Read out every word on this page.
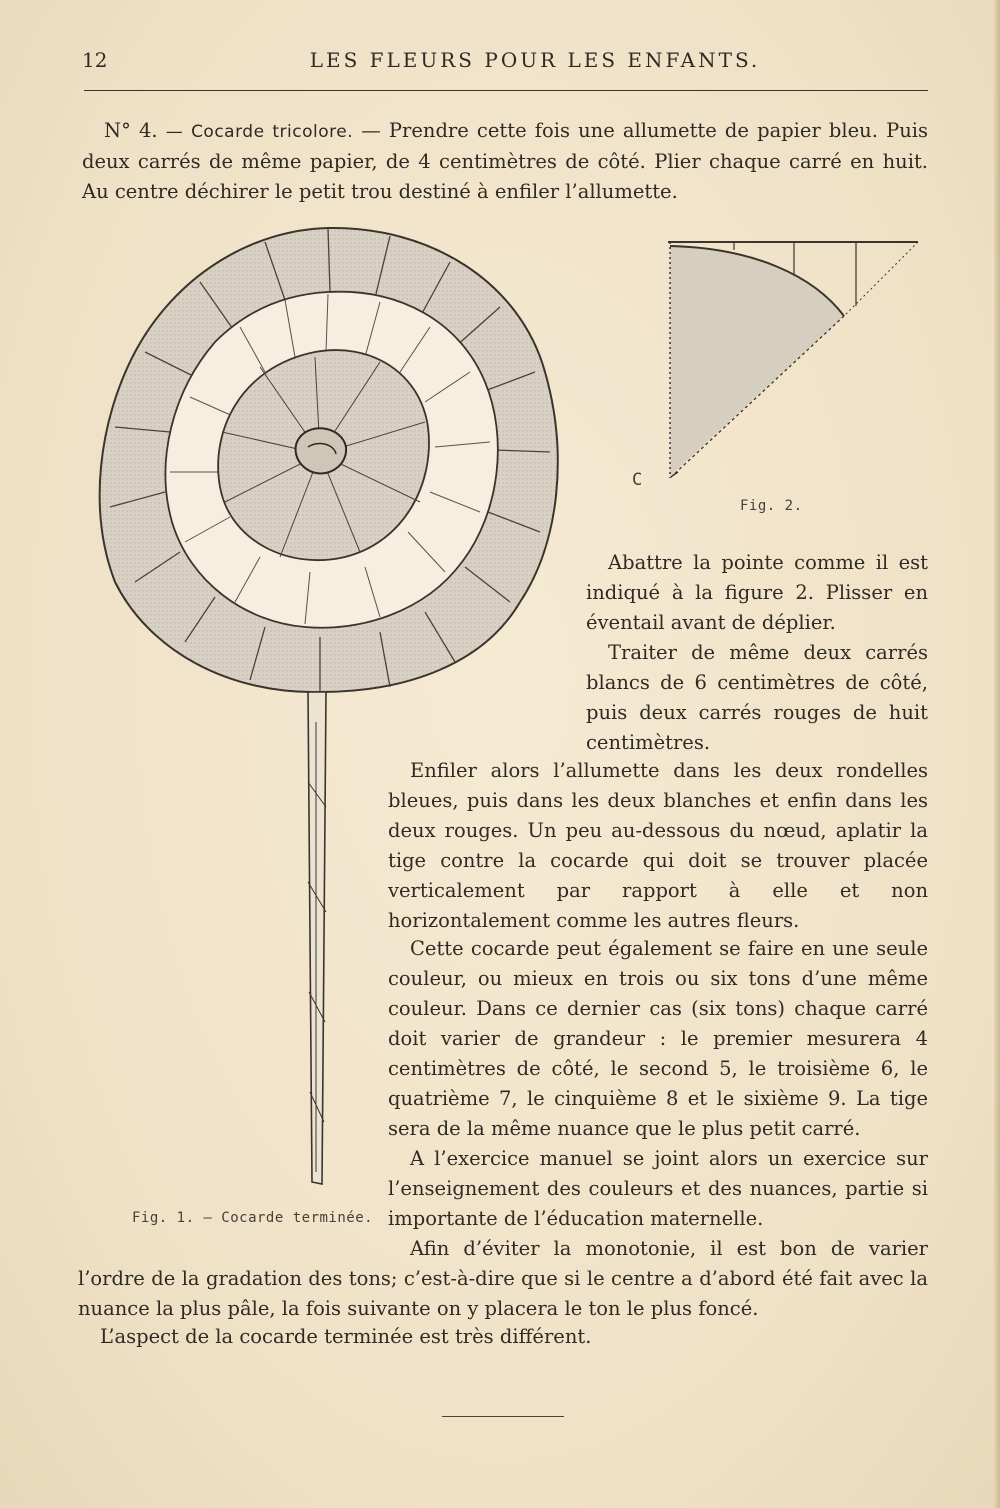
12	LES FLEURS POUR LES ENFANTS.
N° 4. — Cocarde tricolore. — Prendre cette fois une allumette de papier bleu. Puis deux carrés de même papier, de 4 centimètres de côté. Plier chaque carré en huit. Au centre déchirer le petit trou destiné à enfiler l’allumette.
C
Fig. 2.
Abattre la pointe comme il est indiqué à la figure 2. Plisser en éventail avant de déplier.
Traiter de même deux carrés blancs de 6 centimètres de côté, puis deux carrés rouges de huit centimètres.
Enfiler alors l’allumette dans les deux rondelles bleues, puis dans les deux blanches et enfin dans les deux rouges. Un peu au-dessous du nœud, aplatir la tige contre la cocarde qui doit se trouver placée verticalement par rapport à elle et non horizontalement comme les autres fleurs.
Cette cocarde peut également se faire en une seule couleur, ou mieux en trois ou six tons d’une même couleur. Dans ce dernier cas (six tons) chaque carré doit varier de grandeur : le premier mesurera 4 centimètres de côté, le second 5, le troisième 6, le quatrième 7, le cinquième 8 et le sixième 9. La tige sera de la même nuance que le plus petit carré.
A l’exercice manuel se joint alors un exercice sur l’enseignement des couleurs et des nuances, partie si importante de l’éducation maternelle.
Fig. 1. — Cocarde terminée.
Afin d’éviter la monotonie, il est bon de varier l’ordre de la gradation des tons; c’est-à-dire que si le centre a d’abord été fait avec la nuance la plus pâle, la fois suivante on y placera le ton le plus foncé.
L’aspect de la cocarde terminée est très différent.
